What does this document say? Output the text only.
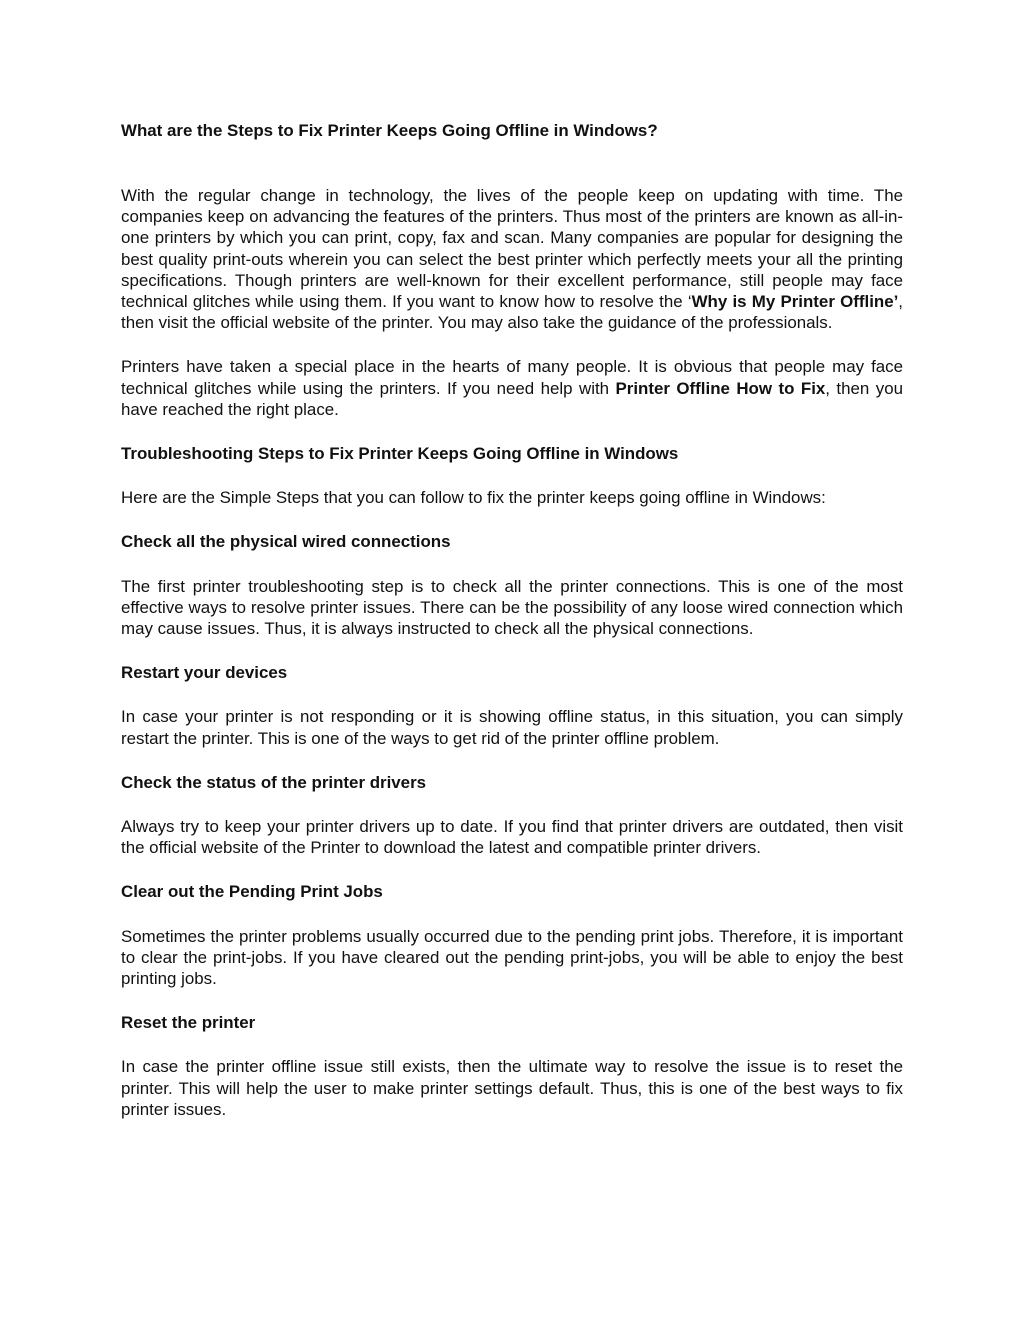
What are the Steps to Fix Printer Keeps Going Offline in Windows?

With the regular change in technology, the lives of the people keep on updating with time. The companies keep on advancing the features of the printers. Thus most of the printers are known as all-in-one printers by which you can print, copy, fax and scan. Many companies are popular for designing the best quality print-outs wherein you can select the best printer which perfectly meets your all the printing specifications. Though printers are well-known for their excellent performance, still people may face technical glitches while using them. If you want to know how to resolve the ‘Why is My Printer Offline’, then visit the official website of the printer. You may also take the guidance of the professionals.

Printers have taken a special place in the hearts of many people. It is obvious that people may face technical glitches while using the printers. If you need help with Printer Offline How to Fix, then you have reached the right place.

Troubleshooting Steps to Fix Printer Keeps Going Offline in Windows

Here are the Simple Steps that you can follow to fix the printer keeps going offline in Windows:

Check all the physical wired connections

The first printer troubleshooting step is to check all the printer connections. This is one of the most effective ways to resolve printer issues. There can be the possibility of any loose wired connection which may cause issues. Thus, it is always instructed to check all the physical connections.

Restart your devices

In case your printer is not responding or it is showing offline status, in this situation, you can simply restart the printer. This is one of the ways to get rid of the printer offline problem.

Check the status of the printer drivers

Always try to keep your printer drivers up to date. If you find that printer drivers are outdated, then visit the official website of the Printer to download the latest and compatible printer drivers.

Clear out the Pending Print Jobs

Sometimes the printer problems usually occurred due to the pending print jobs. Therefore, it is important to clear the print-jobs. If you have cleared out the pending print-jobs, you will be able to enjoy the best printing jobs.

Reset the printer

In case the printer offline issue still exists, then the ultimate way to resolve the issue is to reset the printer. This will help the user to make printer settings default. Thus, this is one of the best ways to fix printer issues.
